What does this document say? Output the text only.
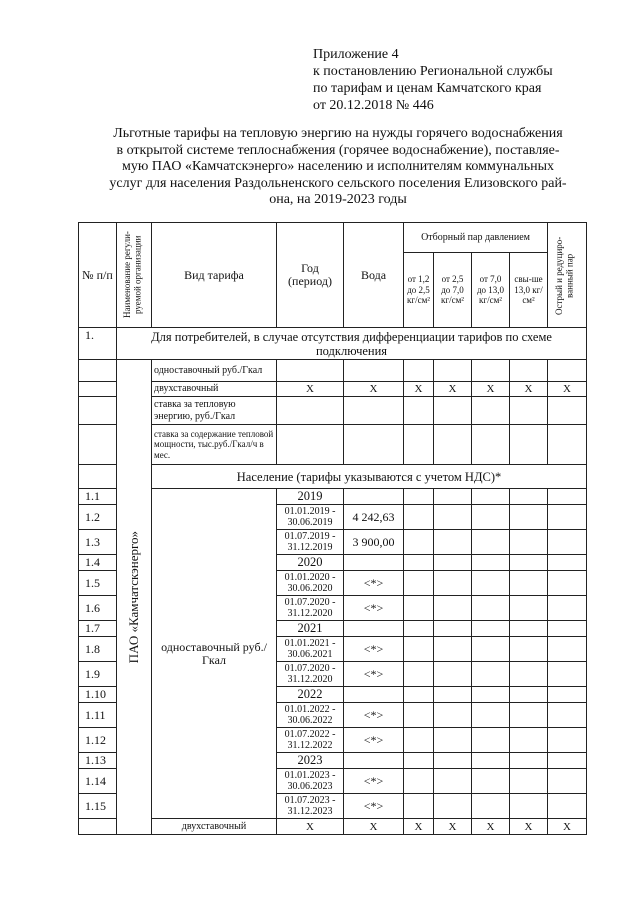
Приложение 4
к постановлению Региональной службы
по тарифам и ценам Камчатского края
от 20.12.2018 № 446
Льготные тарифы на тепловую энергию на нужды горячего водоснабжения
в открытой системе теплоснабжения (горячее водоснабжение), поставляе-
мую ПАО «Камчатскэнерго» населению и исполнителям коммунальных
услуг для населения Раздольненского сельского поселения Елизовского рай-
она, на 2019-2023 годы
№ п/п	Наименование регули-руемой организации	Вид тарифа	Год (период)	Вода	Отборный пар давлением				Острый и редуциро-ванный пар

					от 1,2 до 2,5 кг/см²	от 2,5 до 7,0 кг/см²	от 7,0 до 13,0 кг/см²	свы-ше 13,0 кг/см²	
1.	Для потребителей, в случае отсутствия дифференциации тарифов по схеме подключения								

	ПАО «Камчатскэнерго»	одноставочный руб./Гкал							
		двухставочный	X	X	X	X	X	X	X
		ставка за тепловую энергию, руб./Гкал							
		ставка за содержание тепловой мощности, тыс.руб./Гкал/ч в мес.							
		Население (тарифы указываются с учетом НДС)*							
1.1		одноставочный руб./Гкал	2019						
1.2			01.01.2019 - 30.06.2019	4 242,63					
1.3			01.07.2019 - 31.12.2019	3 900,00					
1.4			2020						
1.5			01.01.2020 - 30.06.2020	<*>					
1.6			01.07.2020 - 31.12.2020	<*>					
1.7			2021						
1.8			01.01.2021 - 30.06.2021	<*>					
1.9			01.07.2020 - 31.12.2020	<*>					
1.10			2022						
1.11			01.01.2022 - 30.06.2022	<*>					
1.12			01.07.2022 - 31.12.2022	<*>					
1.13			2023						
1.14			01.01.2023 - 30.06.2023	<*>					
1.15			01.07.2023 - 31.12.2023	<*>					
		двухставочный	X	X	X	X	X	X	X
